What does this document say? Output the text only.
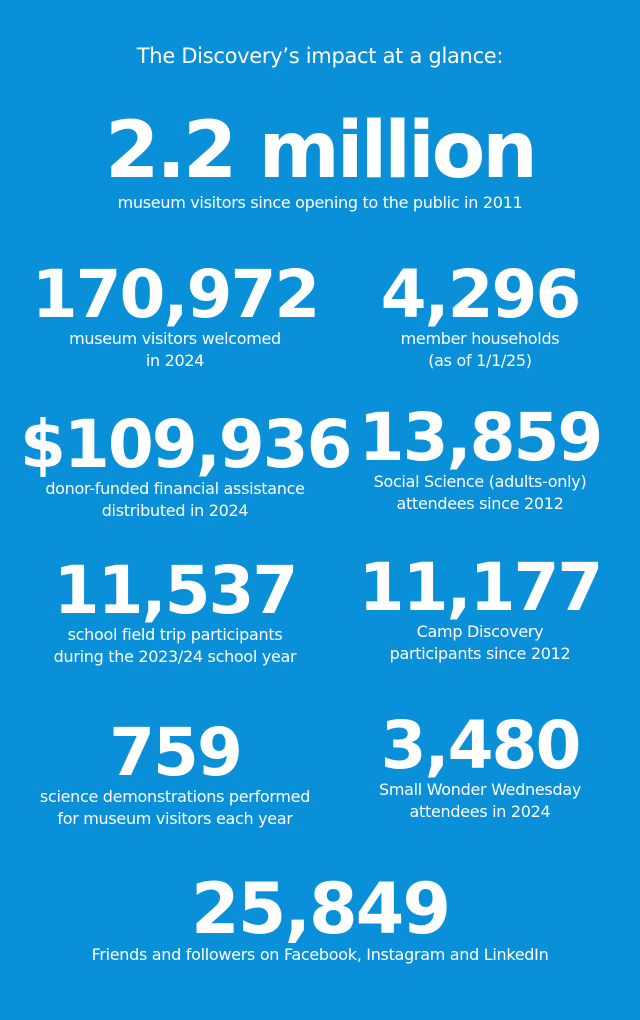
The Discovery’s impact at a glance:
2.2 million
museum visitors since opening to the public in 2011
170,972
museum visitors welcomed
in 2024
4,296
member households
(as of 1/1/25)
$109,936
donor-funded financial assistance
distributed in 2024
13,859
Social Science (adults-only)
attendees since 2012
11,537
school field trip participants
during the 2023/24 school year
11,177
Camp Discovery
participants since 2012
759
science demonstrations performed
for museum visitors each year
3,480
Small Wonder Wednesday
attendees in 2024
25,849
Friends and followers on Facebook, Instagram and LinkedIn
